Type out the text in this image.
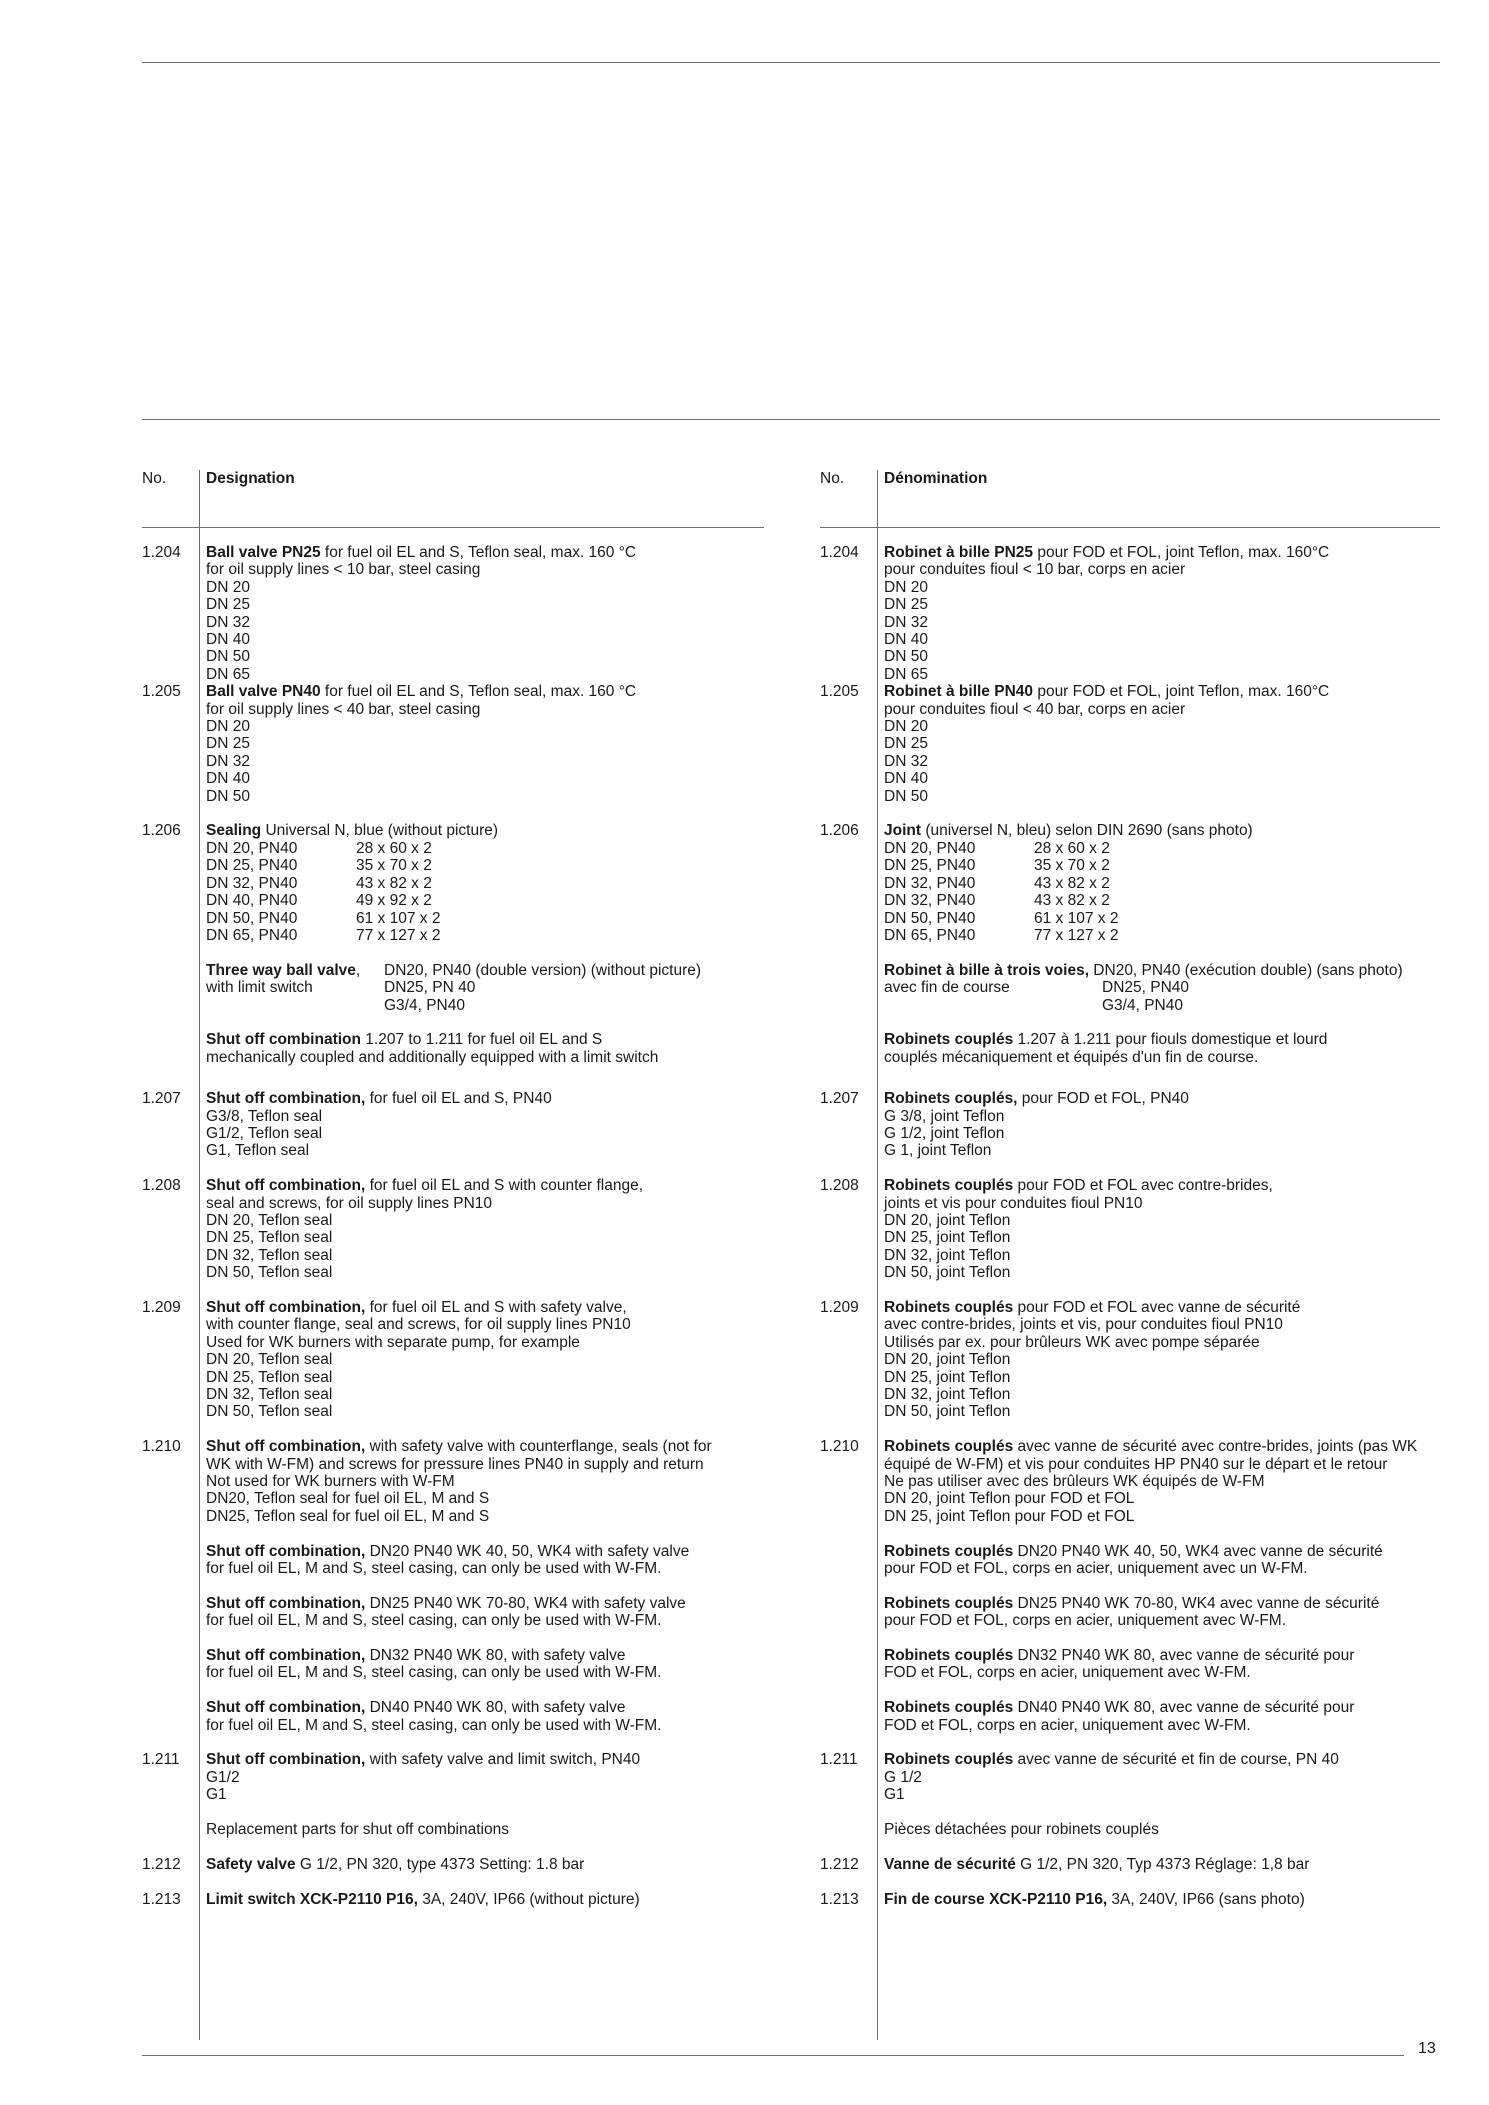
No.	Designation
1.204 Ball valve PN25 for fuel oil EL and S, Teflon seal, max. 160 °C
for oil supply lines < 10 bar, steel casing
DN 20
DN 25
DN 32
DN 40
DN 50
DN 65
1.205 Ball valve PN40 for fuel oil EL and S, Teflon seal, max. 160 °C
for oil supply lines < 40 bar, steel casing
DN 20
DN 25
DN 32
DN 40
DN 50
1.206 Sealing Universal N, blue (without picture)
DN 20, PN40	28 x 60 x 2
DN 25, PN40	35 x 70 x 2
DN 32, PN40	43 x 82 x 2
DN 40, PN40	49 x 92 x 2
DN 50, PN40	61 x 107 x 2
DN 65, PN40	77 x 127 x 2
Three way ball valve,	DN20, PN40 (double version) (without picture)
with limit switch	DN25, PN 40
G3/4, PN40
Shut off combination 1.207 to 1.211 for fuel oil EL and S
mechanically coupled and additionally equipped with a limit switch
1.207 Shut off combination, for fuel oil EL and S, PN40
G3/8, Teflon seal
G1/2, Teflon seal
G1, Teflon seal
1.208 Shut off combination, for fuel oil EL and S with counter flange,
seal and screws, for oil supply lines PN10
DN 20, Teflon seal
DN 25, Teflon seal
DN 32, Teflon seal
DN 50, Teflon seal
1.209 Shut off combination, for fuel oil EL and S with safety valve,
with counter flange, seal and screws, for oil supply lines PN10
Used for WK burners with separate pump, for example
DN 20, Teflon seal
DN 25, Teflon seal
DN 32, Teflon seal
DN 50, Teflon seal
1.210 Shut off combination, with safety valve with counterflange, seals (not for
WK with W-FM) and screws for pressure lines PN40 in supply and return
Not used for WK burners with W-FM
DN20, Teflon seal for fuel oil EL, M and S
DN25, Teflon seal for fuel oil EL, M and S
Shut off combination, DN20 PN40 WK 40, 50, WK4 with safety valve
for fuel oil EL, M and S, steel casing, can only be used with W-FM.
Shut off combination, DN25 PN40 WK 70-80, WK4 with safety valve
for fuel oil EL, M and S, steel casing, can only be used with W-FM.
Shut off combination, DN32 PN40 WK 80, with safety valve
for fuel oil EL, M and S, steel casing, can only be used with W-FM.
Shut off combination, DN40 PN40 WK 80, with safety valve
for fuel oil EL, M and S, steel casing, can only be used with W-FM.
1.211 Shut off combination, with safety valve and limit switch, PN40
G1/2
G1
Replacement parts for shut off combinations
1.212 Safety valve G 1/2, PN 320, type 4373 Setting: 1.8 bar
1.213 Limit switch XCK-P2110 P16, 3A, 240V, IP66 (without picture)
No.	Dénomination
1.204 Robinet à bille PN25 pour FOD et FOL, joint Teflon, max. 160°C
pour conduites fioul < 10 bar, corps en acier
DN 20
DN 25
DN 32
DN 40
DN 50
DN 65
1.205 Robinet à bille PN40 pour FOD et FOL, joint Teflon, max. 160°C
pour conduites fioul < 40 bar, corps en acier
DN 20
DN 25
DN 32
DN 40
DN 50
1.206 Joint (universel N, bleu) selon DIN 2690 (sans photo)
DN 20, PN40	28 x 60 x 2
DN 25, PN40	35 x 70 x 2
DN 32, PN40	43 x 82 x 2
DN 32, PN40	43 x 82 x 2
DN 50, PN40	61 x 107 x 2
DN 65, PN40	77 x 127 x 2
Robinet à bille à trois voies, DN20, PN40 (exécution double) (sans photo)
avec fin de course	DN25, PN40
G3/4, PN40
Robinets couplés 1.207 à 1.211 pour fiouls domestique et lourd
couplés mécaniquement et équipés d'un fin de course.
1.207 Robinets couplés, pour FOD et FOL, PN40
G 3/8, joint Teflon
G 1/2, joint Teflon
G 1, joint Teflon
1.208 Robinets couplés pour FOD et FOL avec contre-brides,
joints et vis pour conduites fioul PN10
DN 20, joint Teflon
DN 25, joint Teflon
DN 32, joint Teflon
DN 50, joint Teflon
1.209 Robinets couplés pour FOD et FOL avec vanne de sécurité
avec contre-brides, joints et vis, pour conduites fioul PN10
Utilisés par ex. pour brûleurs WK avec pompe séparée
DN 20, joint Teflon
DN 25, joint Teflon
DN 32, joint Teflon
DN 50, joint Teflon
1.210 Robinets couplés avec vanne de sécurité avec contre-brides, joints (pas WK
équipé de W-FM) et vis pour conduites HP PN40 sur le départ et le retour
Ne pas utiliser avec des brûleurs WK équipés de W-FM
DN 20, joint Teflon pour FOD et FOL
DN 25, joint Teflon pour FOD et FOL
Robinets couplés DN20 PN40 WK 40, 50, WK4 avec vanne de sécurité
pour FOD et FOL, corps en acier, uniquement avec un W-FM.
Robinets couplés DN25 PN40 WK 70-80, WK4 avec vanne de sécurité
pour FOD et FOL, corps en acier, uniquement avec W-FM.
Robinets couplés DN32 PN40 WK 80, avec vanne de sécurité pour
FOD et FOL, corps en acier, uniquement avec W-FM.
Robinets couplés DN40 PN40 WK 80, avec vanne de sécurité pour
FOD et FOL, corps en acier, uniquement avec W-FM.
1.211 Robinets couplés avec vanne de sécurité et fin de course, PN 40
G 1/2
G1
Pièces détachées pour robinets couplés
1.212 Vanne de sécurité G 1/2, PN 320, Typ 4373 Réglage: 1,8 bar
1.213 Fin de course XCK-P2110 P16, 3A, 240V, IP66 (sans photo)
13
